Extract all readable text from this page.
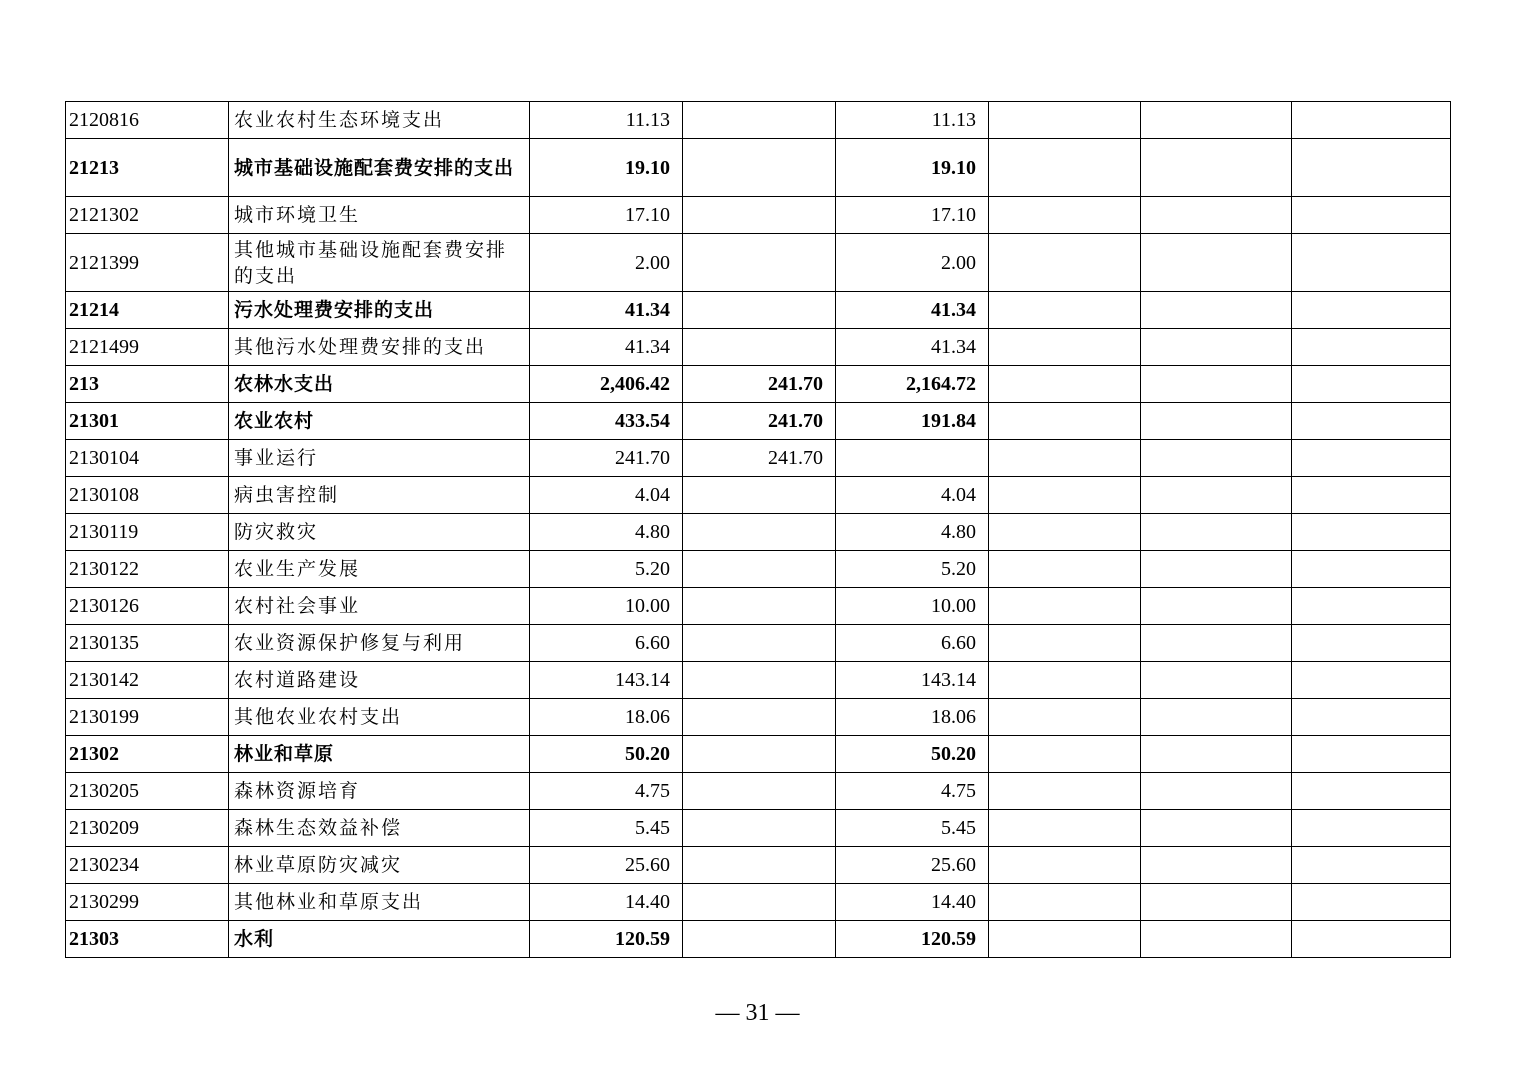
2120816	农业农村生态环境支出	11.13		11.13			
21213	城市基础设施配套费安排的支出	19.10		19.10			
2121302	城市环境卫生	17.10		17.10			
2121399	其他城市基础设施配套费安排的支出	2.00		2.00			
21214	污水处理费安排的支出	41.34		41.34			
2121499	其他污水处理费安排的支出	41.34		41.34			
213	农林水支出	2,406.42	241.70	2,164.72			
21301	农业农村	433.54	241.70	191.84			
2130104	事业运行	241.70	241.70				
2130108	病虫害控制	4.04		4.04			
2130119	防灾救灾	4.80		4.80			
2130122	农业生产发展	5.20		5.20			
2130126	农村社会事业	10.00		10.00			
2130135	农业资源保护修复与利用	6.60		6.60			
2130142	农村道路建设	143.14		143.14			
2130199	其他农业农村支出	18.06		18.06			
21302	林业和草原	50.20		50.20			
2130205	森林资源培育	4.75		4.75			
2130209	森林生态效益补偿	5.45		5.45			
2130234	林业草原防灾减灾	25.60		25.60			
2130299	其他林业和草原支出	14.40		14.40			
21303	水利	120.59		120.59			
— 31 —
